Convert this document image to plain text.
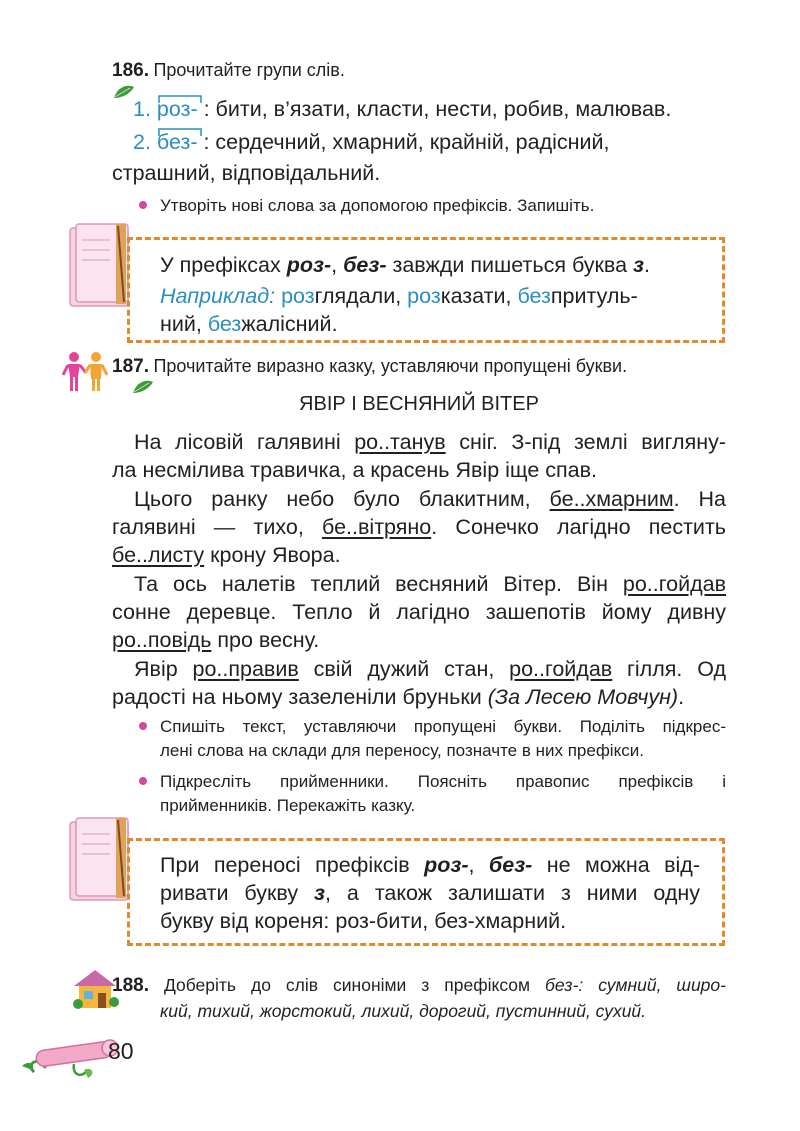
186. Прочитайте групи слів.
1. роз- : бити, в’язати, класти, нести, робив, малював.
2. без- : сердечний, хмарний, крайній, радісний,
страшний, відповідальний.
Утворіть нові слова за допомогою префіксів. Запишіть.
У префіксах роз-, без- завжди пишеться буква з.
Наприклад: розглядали, розказати, безпритуль-
ний, безжалісний.
187. Прочитайте виразно казку, уставляючи пропущені букви.
ЯВІР І ВЕСНЯНИЙ ВІТЕР
На лісовій галявині ро..танув сніг. З-під землі вигляну-
ла несмілива травичка, а красень Явір іще спав.
Цього ранку небо було блакитним, бе..хмарним. На
галявині — тихо, бе..вітряно. Сонечко лагідно пестить
бе..листу крону Явора.
Та ось налетів теплий весняний Вітер. Він ро..гойдав
сонне деревце. Тепло й лагідно зашепотів йому дивну
ро..повідь про весну.
Явір ро..правив свій дужий стан, ро..гойдав гілля. Од
радості на ньому зазеленіли бруньки (За Лесею Мовчун).
Спишіть текст, уставляючи пропущені букви. Поділіть підкрес-
лені слова на склади для переносу, позначте в них префікси.
Підкресліть прийменники. Поясніть правопис префіксів і
прийменників. Перекажіть казку.
При переносі префіксів роз-, без- не можна від-
ривати букву з, а також залишати з ними одну
букву від кореня: роз-бити, без-хмарний.
188. Доберіть до слів синоніми з префіксом без-: сумний, широ-
кий, тихий, жорстокий, лихий, дорогий, пустинний, сухий.
80
